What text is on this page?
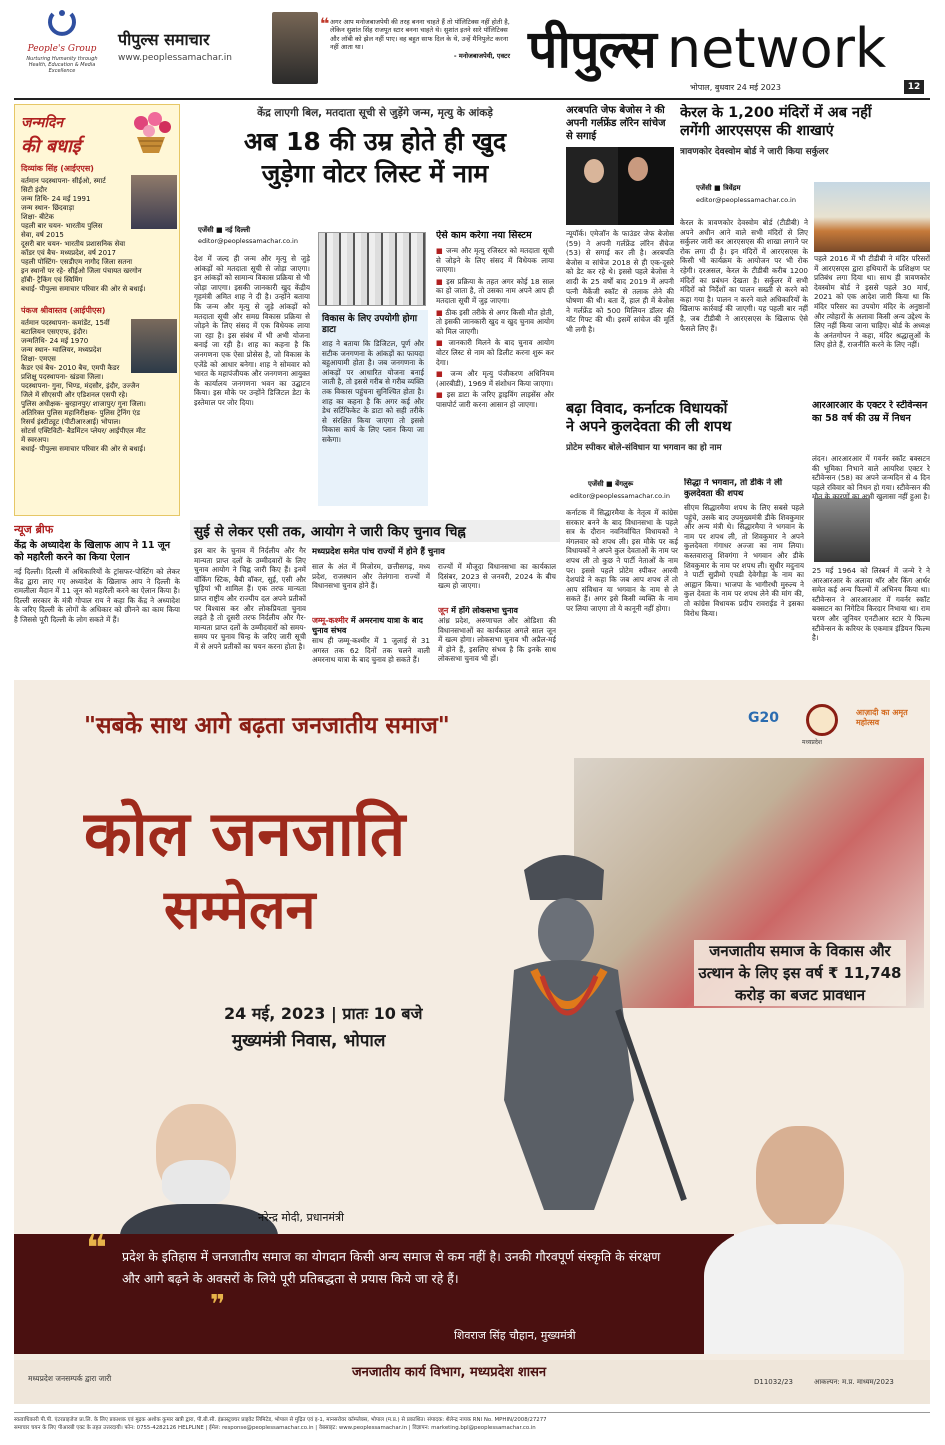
People's Group
Nurturing Humanity through Health, Education & Media Excellence
पीपुल्स समाचार
www.peoplessamachar.in
❝ अगर आप मनोजबाजपेयी की तरह बनना चाहते हैं तो पॉलिटिक्स नहीं होती है, लेकिन सुशांत सिंह राजपूत स्टार बनना चाहते थे। सुशांत इतने सारे पॉलिटिक्स और लॉबी को झेल नहीं पाए। वह बहुत साफ दिल के थे, उन्हें मैनिपुलेट करना नहीं आता था।
- मनोजबाजपेयी, एक्टर पीपुल्स network
भोपाल, बुधवार 24 मई 2023	12
जन्मदिन
की बधाई
दिव्यांक सिंह (आईएएस)
वर्तमान पदस्थापना- सीईओ, स्मार्ट
सिटी इंदौर
जन्म तिथि- 24 मई 1991
जन्म स्थान- छिंदवाड़ा
शिक्षा- बीटेक
पहली बार चयन- भारतीय पुलिस
सेवा, वर्ष 2015
दूसरी बार चयन- भारतीय प्रशासनिक सेवा
कॉडर एवं बैच- मध्यप्रदेश, वर्ष 2017
पहली पोस्टिंग- एसडीएम नागौद जिला सतना
इन स्थानों पर रहे- सीईओ जिला पंचायत खरगोन
हॉबी- ट्रैकिंग एवं स्विमिंग
बधाई- पीपुल्स समाचार परिवार की ओर से बधाई।
पंकज श्रीवास्तव (आईपीएस)
वर्तमान पदस्थापना- कमांडेंट, 15वीं
बटालियन एसएएफ, इंदौर।
जन्मतिथि- 24 मई 1970
जन्म स्थान- ग्वालियर, मध्यप्रदेश
शिक्षा- एमएस
कैडर एवं बैच- 2010 बैच, एमपी कैडर
प्रशिक्षु पदस्थापना- खंडवा जिला।
पदस्थापना- गुना, भिण्ड, मंदसौर, इंदौर, उज्जैन
जिले में सीएसपी और एडिशनल एसपी रहे।
पुलिस अधीक्षक- बुरहानपुर/ शाजापुर/ गुना जिला।
अतिरिक्त पुलिस महानिरीक्षक- पुलिस ट्रेनिंग एंड
रिसर्च इंस्टीट्यूट (पीटीआरआई) भोपाल।
सोटर्स एक्टिविटी- बैडमिंटन प्लेयर/ आईपीएल मीट
में स्वरअप।
बधाई- पीपुल्स समाचार परिवार की ओर से बधाई।
न्यूज ब्रीफ
केंद्र के अध्यादेश के खिलाफ आप ने 11 जून को महारैली करने का किया ऐलान
नई दिल्ली। दिल्ली में अधिकारियों के ट्रांसफर-पोस्टिंग को लेकर केंद्र द्वारा लाए गए अध्यादेश के खिलाफ आप ने दिल्ली के रामलीला मैदान में 11 जून को महारैली करने का ऐलान किया है। दिल्ली सरकार के मंत्री गोपाल राय ने कहा कि केंद्र ने अध्यादेश के जरिए दिल्ली के लोगों के अधिकार को छीनने का काम किया है जिससे पूरी दिल्ली के लोग सकते में हैं।
केंद्र लाएगी बिल, मतदाता सूची से जुड़ेंगे जन्म, मृत्यु के आंकड़े
अब 18 की उम्र होते ही खुद
जुड़ेगा वोटर लिस्ट में नाम
एजेंसी ■ नई दिल्ली
editor@peoplessamachar.co.in
देश में जल्द ही जन्म और मृत्यु से जुड़े आंकड़ों को मतदाता सूची से जोड़ा जाएगा। इन आंकड़ों को सामान्य विकास प्रक्रिया से भी जोड़ा जाएगा। इसकी जानकारी खुद केंद्रीय गृहमंत्री अमित शाह ने दी है। उन्होंने बताया कि जन्म और मृत्यु से जुड़े आंकड़ों को मतदाता सूची और समग्र विकास प्रक्रिया से जोड़ने के लिए संसद में एक विधेयक लाया जा रहा है। इस संबंध में भी अभी योजना बनाई जा रही है। शाह का कहना है कि जनगणना एक ऐसा प्रोसेस है, जो विकास के एजेंडे को आधार बनेगा। शाह ने सोमवार को भारत के महापंजीयक और जनगणना आयुक्त के कार्यालय जनगणना भवन का उद्घाटन किया। इस मौके पर उन्होंने डिजिटल डेटा के इस्तेमाल पर जोर दिया।
विकास के लिए उपयोगी होगा डाटा
शाह ने बताया कि डिजिटल, पूर्ण और सटीक जनगणना के आंकड़ों का फायदा बहुआयामी होता है। जब जनगणना के आंकड़ों पर आधारित योजना बनाई जाती है, तो इससे गरीब से गरीब व्यक्ति तक विकास पहुंचना सुनिश्चित होता है। शाह का कहना है कि अगर कई और डेथ सर्टिफिकेट के डाटा को सही तरीके से संरक्षित किया जाएगा तो इससे विकास कार्य के लिए प्लान किया जा सकेगा।
ऐसे काम करेगा नया सिस्टम
■ जन्म और मृत्यु रजिस्टर को मतदाता सूची से जोड़ने के लिए संसद में विधेयक लाया जाएगा।
■ इस प्रक्रिया के तहत अगर कोई 18 साल का हो जाता है, तो उसका नाम अपने आप ही मतदाता सूची में जुड़ जाएगा।
■ ठीक इसी तरीके से अगर किसी मौत होती, तो इसकी जानकारी खुद व खुद चुनाव आयोग को मिल जाएगी।
■ जानकारी मिलने के बाद चुनाव आयोग वोटर लिस्ट से नाम को डिलीट करना शुरू कर देगा।
■ जन्म और मृत्यु पंजीकरण अधिनियम (आरबीडी), 1969 में संशोधन किया जाएगा।
■ इस डाटा के जरिए ड्राइविंग लाइसेंस और पासपोर्ट जारी करना आसान हो जाएगा।
सुई से लेकर एसी तक, आयोग ने जारी किए चुनाव चिह्न
इस बार के चुनाव में निर्दलीय और गैर मान्यता प्राप्त दलों के उम्मीदवारों के लिए चुनाव आयोग ने चिह्न जारी किए हैं। इनमें वॉकिंग स्टिक, बैबी वॉकर, सुई, एसी और चूड़ियां भी शामिल हैं। एक तरफ मान्यता प्राप्त राष्ट्रीय और राज्यीय दल अपने प्रतीकों पर विश्वास कर और लोकप्रियता चुनाव लड़ते है तो दूसरी तरफ निर्दलीय और गैर-मान्यता प्राप्त दलों के उम्मीदवारों को समय-समय पर चुनाव चिन्ह के जरिए जारी सूची में से अपने प्रतीकों का चयन करना होता है।
मध्यप्रदेश समेत पांच राज्यों में होने हैं चुनाव
साल के अंत में मिजोरम, छत्तीसगढ़, मध्य प्रदेश, राजस्थान और तेलंगाना राज्यों में विधानसभा चुनाव होने हैं।
राज्यों में मौजूदा विधानसभा का कार्यकाल दिसंबर, 2023 से जनवरी, 2024 के बीच खत्म हो जाएगा।
जम्मू-कश्मीर में अमरनाथ यात्रा के बाद चुनाव संभव
साथ ही जम्मू-कश्मीर में 1 जुलाई से 31 अगस्त तक 62 दिनों तक चलने वाली अमरनाथ यात्रा के बाद चुनाव हो सकते हैं।
जून में होंगे लोकसभा चुनाव
आंध्र प्रदेश, अरुणाचल और ओडिशा की विधानसभाओं का कार्यकाल अगले साल जून में खत्म होगा। लोकसभा चुनाव भी अप्रैल-मई में होने हैं, इसलिए संभव है कि इनके साथ लोकसभा चुनाव भी हों।
अरबपति जेफ बेजोस ने की अपनी गर्लफ्रेंड लॉरेन सांचेज से सगाई
न्यूयॉर्क। एमेजॉन के फाउंडर जेफ बेजोस (59) ने अपनी गर्लफ्रेंड लॉरेन सैंचेज (53) से सगाई कर ली है। अरबपति बेजोस व सांचेज 2018 से ही एक-दूसरे को डेट कर रहे थे। इससे पहले बेजोस ने शादी के 25 वर्षों बाद 2019 में अपनी पत्नी मैकेंजी स्कॉट से तलाक लेने की घोषणा की थी। बता दें, हाल ही में बेजोस ने गर्लफ्रेंड को 500 मिलियन डॉलर की यॉट गिफ्ट की थी। इसमें सांचेज की मूर्ति भी लगी है।
केरल के 1,200 मंदिरों में अब नहीं
लगेंगी आरएसएस की शाखाएं
त्रावणकोर देवस्वोम बोर्ड ने जारी किया सर्कुलर
एजेंसी ■ त्रिवेंद्रम
editor@peoplessamachar.co.in
केरल के त्रावणकोर देवस्वोम बोर्ड (टीडीबी) ने अपने अधीन आने वाले सभी मंदिरों से लिए सर्कुलर जारी कर आरएसएस की शाखा लगाने पर रोक लगा दी है। इन मंदिरों में आरएसएस के किसी भी कार्यक्रम के आयोजन पर भी रोक रहेगी। दरअसल, केरल के टीडीबी करीब 1200 मंदिरों का प्रबंधन देखता है। सर्कुलर में सभी मंदिरों को निर्देशों का पालन सख्ती से करने को कहा गया है। पालन न करने वाले अधिकारियों के खिलाफ कार्रवाई की जाएगी। यह पहली बार नहीं है, जब टीडीबी ने आरएसएस के खिलाफ ऐसे फैसले लिए हैं।
पहले 2016 में भी टीडीबी ने मंदिर परिसरों में आरएसएस द्वारा हथियारों के प्रशिक्षण पर प्रतिबंध लगा दिया था। साथ ही त्रावणकोर देवस्वोम बोर्ड ने इससे पहले 30 मार्च, 2021 को एक आदेश जारी किया था कि मंदिर परिसर का उपयोग मंदिर के अनुष्ठानों और त्योहारों के अलावा किसी अन्य उद्देश्य के लिए नहीं किया जाना चाहिए। बोर्ड के अध्यक्ष के अनंतगोपन ने कहा, मंदिर श्रद्धालुओं के लिए होते हैं, राजनीति करने के लिए नहीं।
बढ़ा विवाद, कर्नाटक विधायकों
ने अपने कुलदेवता की ली शपथ
प्रोटेम स्पीकर बोले-संविधान या भगवान का हो नाम
एजेंसी ■ बेंगलुरू
editor@peoplessamachar.co.in
कर्नाटक में सिद्धारमैया के नेतृत्व में कांग्रेस सरकार बनने के बाद विधानसभा के पहले सत्र के दौरान नवनिर्वाचित विधायकों ने मंगलवार को शपथ ली। इस मौके पर कई विधायकों ने अपने कुल देवताओं के नाम पर शपथ ली तो कुछ ने पार्टी नेताओं के नाम पर। इससे पहले प्रोटेम स्पीकर आरवी देशपांडे ने कहा कि जब आप शपथ लें तो आप संविधान या भगवान के नाम से ले सकते हैं। अगर इसे किसी व्यक्ति के नाम पर लिया जाएगा तो ये कानूनी नहीं होगा।
सिद्धा ने भगवान, तो डीके ने ली कुलदेवता की शपथ
सीएम सिद्धारमैया शपथ के लिए सबसे पहले पहुंचे, उसके बाद उपमुख्यमंत्री डीके शिवकुमार और अन्य मंत्री थे। सिद्धारमैया ने भगवान के नाम पर शपथ ली, तो शिवकुमार ने अपने कुलदेवता गंगाधर अज्जा का नाम लिया। कस्तवाराजु शिवगंगा ने भगवान और डीके शिवकुमार के नाम पर शपथ ली। सुधीर मदुनाय ने पार्टी सुप्रीमो एचडी देवेगौड़ा के नाम का आह्वान किया। भाजपा के भागीरथी मुरुल्य ने कुल देवता के नाम पर शपथ लेने की मांग की, तो कांग्रेस विधायक प्रदीप रावराईड ने इसका विरोध किया।
आरआरआर के एक्टर रे स्टीवेन्सन का 58 वर्ष की उम्र में निधन
लंदन। आरआरआर में गवर्नर स्कॉट बक्सटन की भूमिका निभाने वाले आयरिश एक्टर रे स्टीवेन्सन (58) का अपने जन्मदिन से 4 दिन पहले रविवार को निधन हो गया। स्टीवेन्सन की मौत के कारणों का अभी खुलासा नहीं हुआ है।
25 मई 1964 को लिस्बर्न में जन्मे रे ने आरआरआर के अलावा थॉर और किंग आर्थर समेत कई अन्य फिल्मों में अभिनय किया था। स्टीवेन्सन ने आरआरआर में गवर्नर स्कॉट बक्सटन का निगेटिव किरदार निभाया था। राम चरण और जूनियर एनटीआर स्टार ये फिल्म स्टीवेन्सन के करियर के एकमात्र इंडियन फिल्म है।
"सबके साथ आगे बढ़ता जनजातीय समाज"	G20
मध्यप्रदेश
आज़ादी का अमृत महोत्सव
कोल जनजाति
सम्मेलन
24 मई, 2023 | प्रातः 10 बजे
मुख्यमंत्री निवास, भोपाल
नरेन्द्र मोदी, प्रधानमंत्री
जनजातीय समाज के विकास और उत्थान के लिए इस वर्ष ₹ 11,748 करोड़ का बजट प्रावधान
❝ प्रदेश के इतिहास में जनजातीय समाज का योगदान किसी अन्य समाज से कम नहीं है। उनकी गौरवपूर्ण संस्कृति के संरक्षण और आगे बढ़ने के अवसरों के लिये पूरी प्रतिबद्धता से प्रयास किये जा रहे हैं।
❞
शिवराज सिंह चौहान, मुख्यमंत्री
मध्यप्रदेश जनसम्पर्क द्वारा जारी	जनजातीय कार्य विभाग, मध्यप्रदेश शासन
D11032/23	आकल्पन: म.प्र. माध्यम/2023
स्वत्वाधिकारी पी.पी. एंटरप्राइजेज प्रा.लि. के लिए प्रकाशक एवं मुद्रक अशोक कुमार खत्री द्वारा, पी.बी.सी. इंफ्रास्ट्रक्चर प्राइवेट लिमिटेड, भोपाल से मुद्रित एवं इ-1, मानसरोवर कॉम्प्लेक्स, भोपाल (म.प्र.) से प्रकाशित। संपादक: शैलेन्द्र नायक RNI No. MPHIN/2008/27277
समाचार चयन के लिए पीआरबी एक्ट के तहत उत्तरदायी। फोन: 0755-4282126 HELPLINE | ईमेल: response@peoplessamachar.co.in | वेबसाइट: www.peoplessamachar.in | विज्ञापन: marketing.bpl@peoplessamachar.co.in
